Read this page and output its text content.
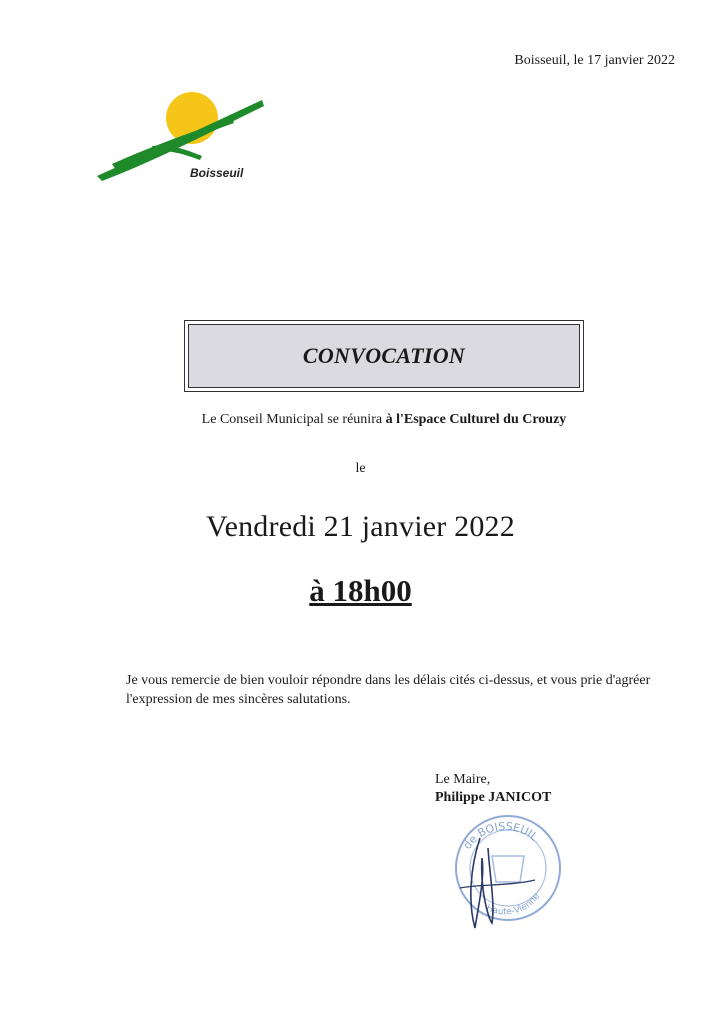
Boisseuil, le 17 janvier 2022
Boisseuil
CONVOCATION
Le Conseil Municipal se réunira à l'Espace Culturel du Crouzy
le
Vendredi 21 janvier 2022
à 18h00
Je vous remercie de bien vouloir répondre dans les délais cités ci-dessus, et vous prie d'agréer l'expression de mes sincères salutations.
Le Maire,
Philippe JANICOT
de BOISSEUIL
Haute-Vienne
